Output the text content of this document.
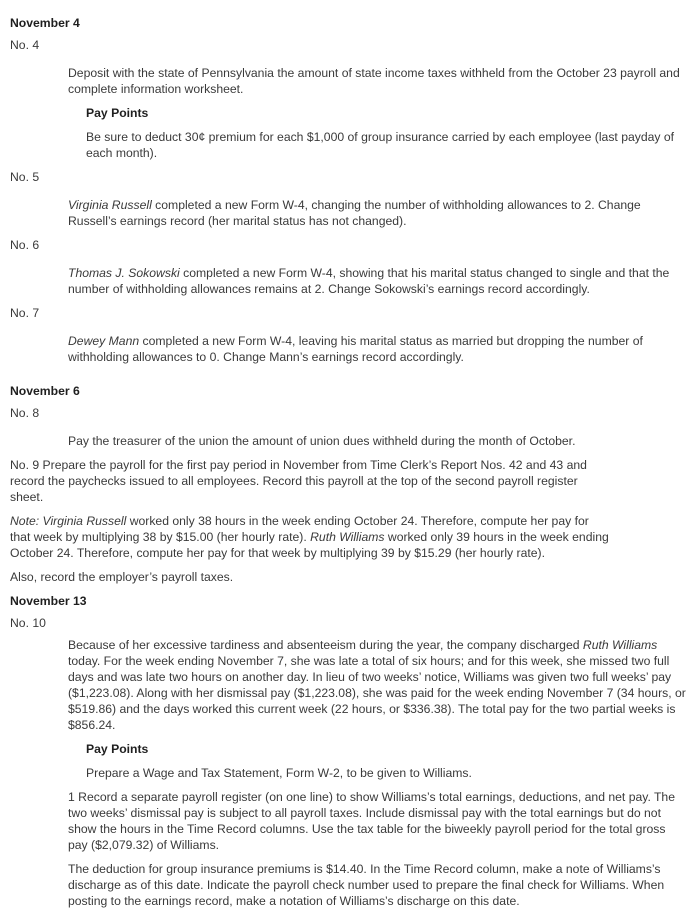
November 4
No. 4

Deposit with the state of Pennsylvania the amount of state income taxes withheld from the October 23 payroll and complete information worksheet.

Pay Points

Be sure to deduct 30¢ premium for each $1,000 of group insurance carried by each employee (last payday of each month).

No. 5

Virginia Russell completed a new Form W-4, changing the number of withholding allowances to 2. Change Russell’s earnings record (her marital status has not changed).

No. 6

Thomas J. Sokowski completed a new Form W-4, showing that his marital status changed to single and that the number of withholding allowances remains at 2. Change Sokowski’s earnings record accordingly.

No. 7

Dewey Mann completed a new Form W-4, leaving his marital status as married but dropping the number of withholding allowances to 0. Change Mann’s earnings record accordingly.

November 6
No. 8

Pay the treasurer of the union the amount of union dues withheld during the month of October.

No. 9 Prepare the payroll for the first pay period in November from Time Clerk’s Report Nos. 42 and 43 and record the paychecks issued to all employees. Record this payroll at the top of the second payroll register sheet.

Note: Virginia Russell worked only 38 hours in the week ending October 24. Therefore, compute her pay for that week by multiplying 38 by $15.00 (her hourly rate). Ruth Williams worked only 39 hours in the week ending October 24. Therefore, compute her pay for that week by multiplying 39 by $15.29 (her hourly rate).

Also, record the employer’s payroll taxes.

November 13
No. 10

Because of her excessive tardiness and absenteeism during the year, the company discharged Ruth Williams today. For the week ending November 7, she was late a total of six hours; and for this week, she missed two full days and was late two hours on another day. In lieu of two weeks’ notice, Williams was given two full weeks’ pay ($1,223.08). Along with her dismissal pay ($1,223.08), she was paid for the week ending November 7 (34 hours, or $519.86) and the days worked this current week (22 hours, or $336.38). The total pay for the two partial weeks is $856.24.

Pay Points

Prepare a Wage and Tax Statement, Form W-2, to be given to Williams.

1 Record a separate payroll register (on one line) to show Williams’s total earnings, deductions, and net pay. The two weeks’ dismissal pay is subject to all payroll taxes. Include dismissal pay with the total earnings but do not show the hours in the Time Record columns. Use the tax table for the biweekly payroll period for the total gross pay ($2,079.32) of Williams.

The deduction for group insurance premiums is $14.40. In the Time Record column, make a note of Williams’s discharge as of this date. Indicate the payroll check number used to prepare the final check for Williams. When posting to the earnings record, make a notation of Williams’s discharge on this date.
